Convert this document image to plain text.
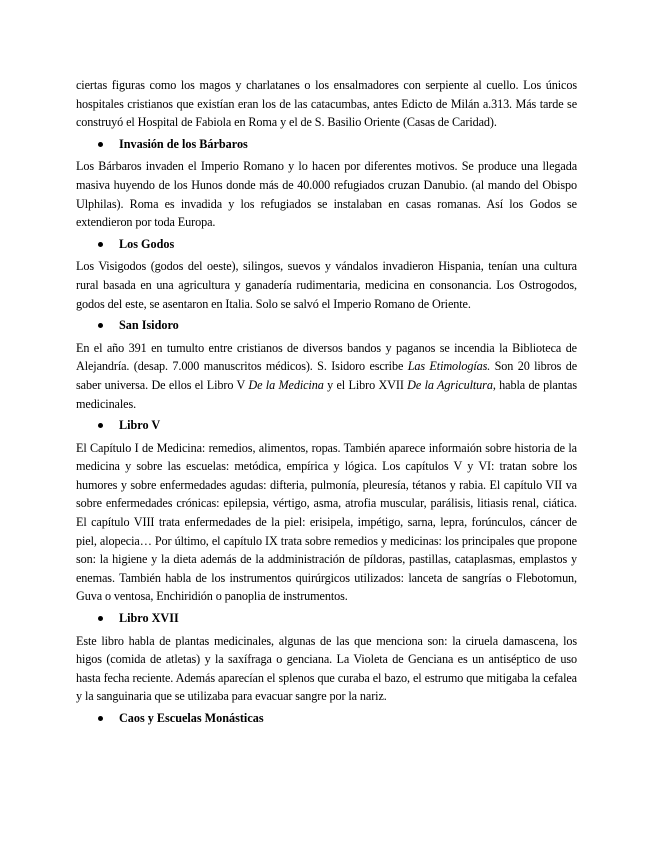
ciertas figuras como los magos y charlatanes o los ensalmadores con serpiente al cuello. Los únicos hospitales cristianos que existían eran los de las catacumbas, antes Edicto de Milán a.313. Más tarde se construyó el Hospital de Fabiola en Roma y el de S. Basilio Oriente (Casas de Caridad).

Invasión de los Bárbaros

Los Bárbaros invaden el Imperio Romano y lo hacen por diferentes motivos. Se produce una llegada masiva huyendo de los Hunos donde más de 40.000 refugiados cruzan Danubio. (al mando del Obispo Ulphilas). Roma es invadida y los refugiados se instalaban en casas romanas. Así los Godos se extendieron por toda Europa.

Los Godos

Los Visigodos (godos del oeste), silingos, suevos y vándalos invadieron Hispania, tenían una cultura rural basada en una agricultura y ganadería rudimentaria, medicina en consonancia. Los Ostrogodos, godos del este, se asentaron en Italia. Solo se salvó el Imperio Romano de Oriente.

San Isidoro

En el año 391 en tumulto entre cristianos de diversos bandos y paganos se incendia la Biblioteca de Alejandría. (desap. 7.000 manuscritos médicos). S. Isidoro escribe Las Etimologías. Son 20 libros de saber universa. De ellos el Libro V De la Medicina y el Libro XVII De la Agricultura, habla de plantas medicinales.

Libro V

El Capítulo I de Medicina: remedios, alimentos, ropas. También aparece informaión sobre historia de la medicina y sobre las escuelas: metódica, empírica y lógica. Los capítulos V y VI: tratan sobre los humores y sobre enfermedades agudas: difteria, pulmonía, pleuresía, tétanos y rabia. El capítulo VII va sobre enfermedades crónicas: epilepsia, vértigo, asma, atrofia muscular, parálisis, litiasis renal, ciática. El capítulo VIII trata enfermedades de la piel: erisipela, impétigo, sarna, lepra, forúnculos, cáncer de piel, alopecia… Por último, el capítulo IX trata sobre remedios y medicinas: los principales que propone son: la higiene y la dieta además de la addministración de píldoras, pastillas, cataplasmas, emplastos y enemas. También habla de los instrumentos quirúrgicos utilizados: lanceta de sangrías o Flebotomun, Guva o ventosa, Enchiridión o panoplia de instrumentos.

Libro XVII

Este libro habla de plantas medicinales, algunas de las que menciona son: la ciruela damascena, los higos (comida de atletas) y la saxífraga o genciana. La Violeta de Genciana es un antiséptico de uso hasta fecha reciente. Además aparecían el splenos que curaba el bazo, el estrumo que mitigaba la cefalea y la sanguinaria que se utilizaba para evacuar sangre por la nariz.

Caos y Escuelas Monásticas
